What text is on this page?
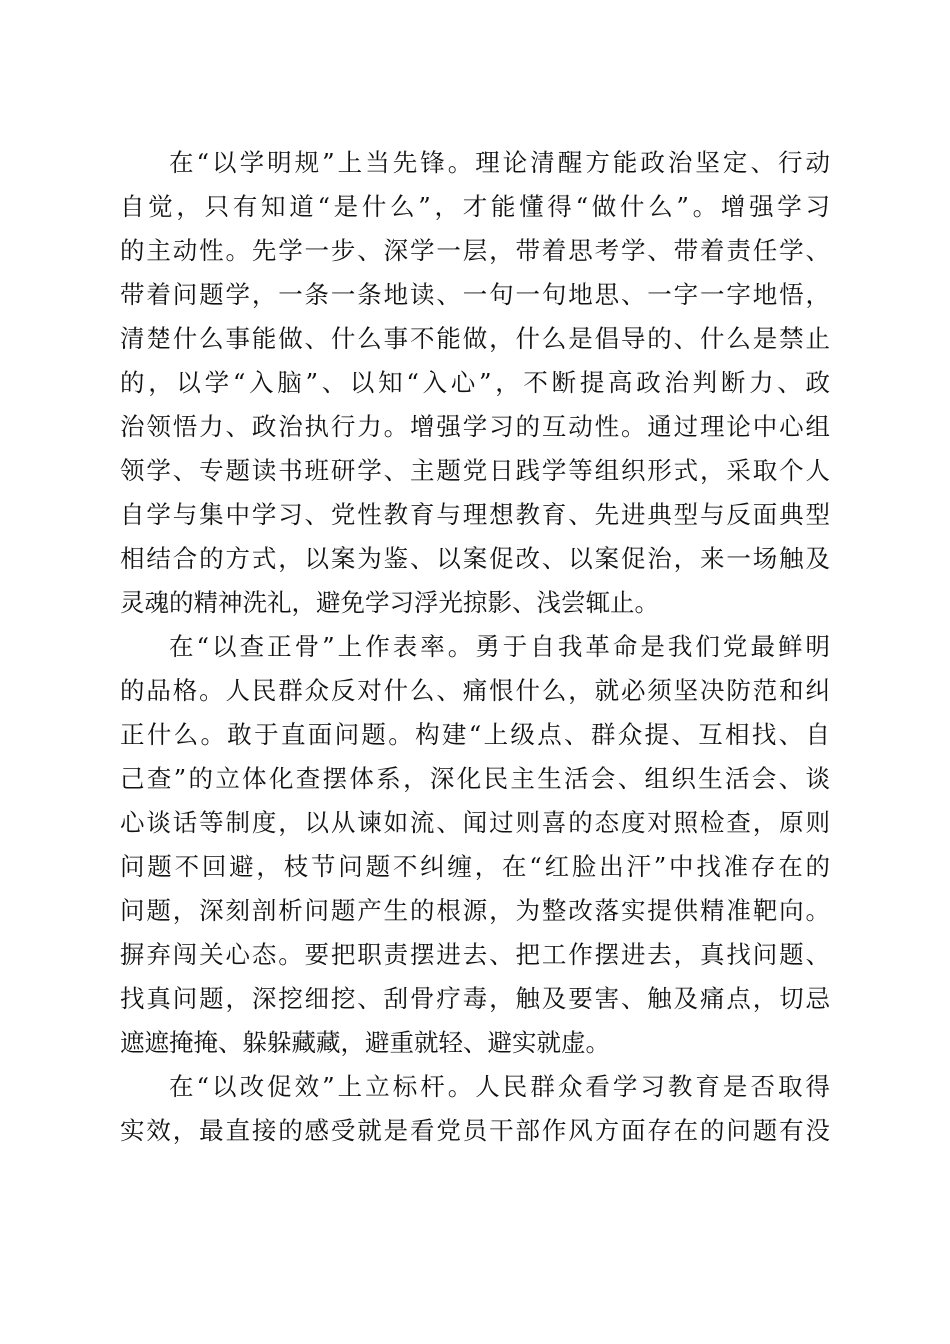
在“以学明规”上当先锋。理论清醒方能政治坚定、行动
自觉，只有知道“是什么”，才能懂得“做什么”。增强学习
的主动性。先学一步、深学一层，带着思考学、带着责任学、
带着问题学，一条一条地读、一句一句地思、一字一字地悟，
清楚什么事能做、什么事不能做，什么是倡导的、什么是禁止
的，以学“入脑”、以知“入心”，不断提高政治判断力、政
治领悟力、政治执行力。增强学习的互动性。通过理论中心组
领学、专题读书班研学、主题党日践学等组织形式，采取个人
自学与集中学习、党性教育与理想教育、先进典型与反面典型
相结合的方式，以案为鉴、以案促改、以案促治，来一场触及
灵魂的精神洗礼，避免学习浮光掠影、浅尝辄止。
在“以查正骨”上作表率。勇于自我革命是我们党最鲜明
的品格。人民群众反对什么、痛恨什么，就必须坚决防范和纠
正什么。敢于直面问题。构建“上级点、群众提、互相找、自
己查”的立体化查摆体系，深化民主生活会、组织生活会、谈
心谈话等制度，以从谏如流、闻过则喜的态度对照检查，原则
问题不回避，枝节问题不纠缠，在“红脸出汗”中找准存在的
问题，深刻剖析问题产生的根源，为整改落实提供精准靶向。
摒弃闯关心态。要把职责摆进去、把工作摆进去，真找问题、
找真问题，深挖细挖、刮骨疗毒，触及要害、触及痛点，切忌
遮遮掩掩、躲躲藏藏，避重就轻、避实就虚。
在“以改促效”上立标杆。人民群众看学习教育是否取得
实效，最直接的感受就是看党员干部作风方面存在的问题有没
